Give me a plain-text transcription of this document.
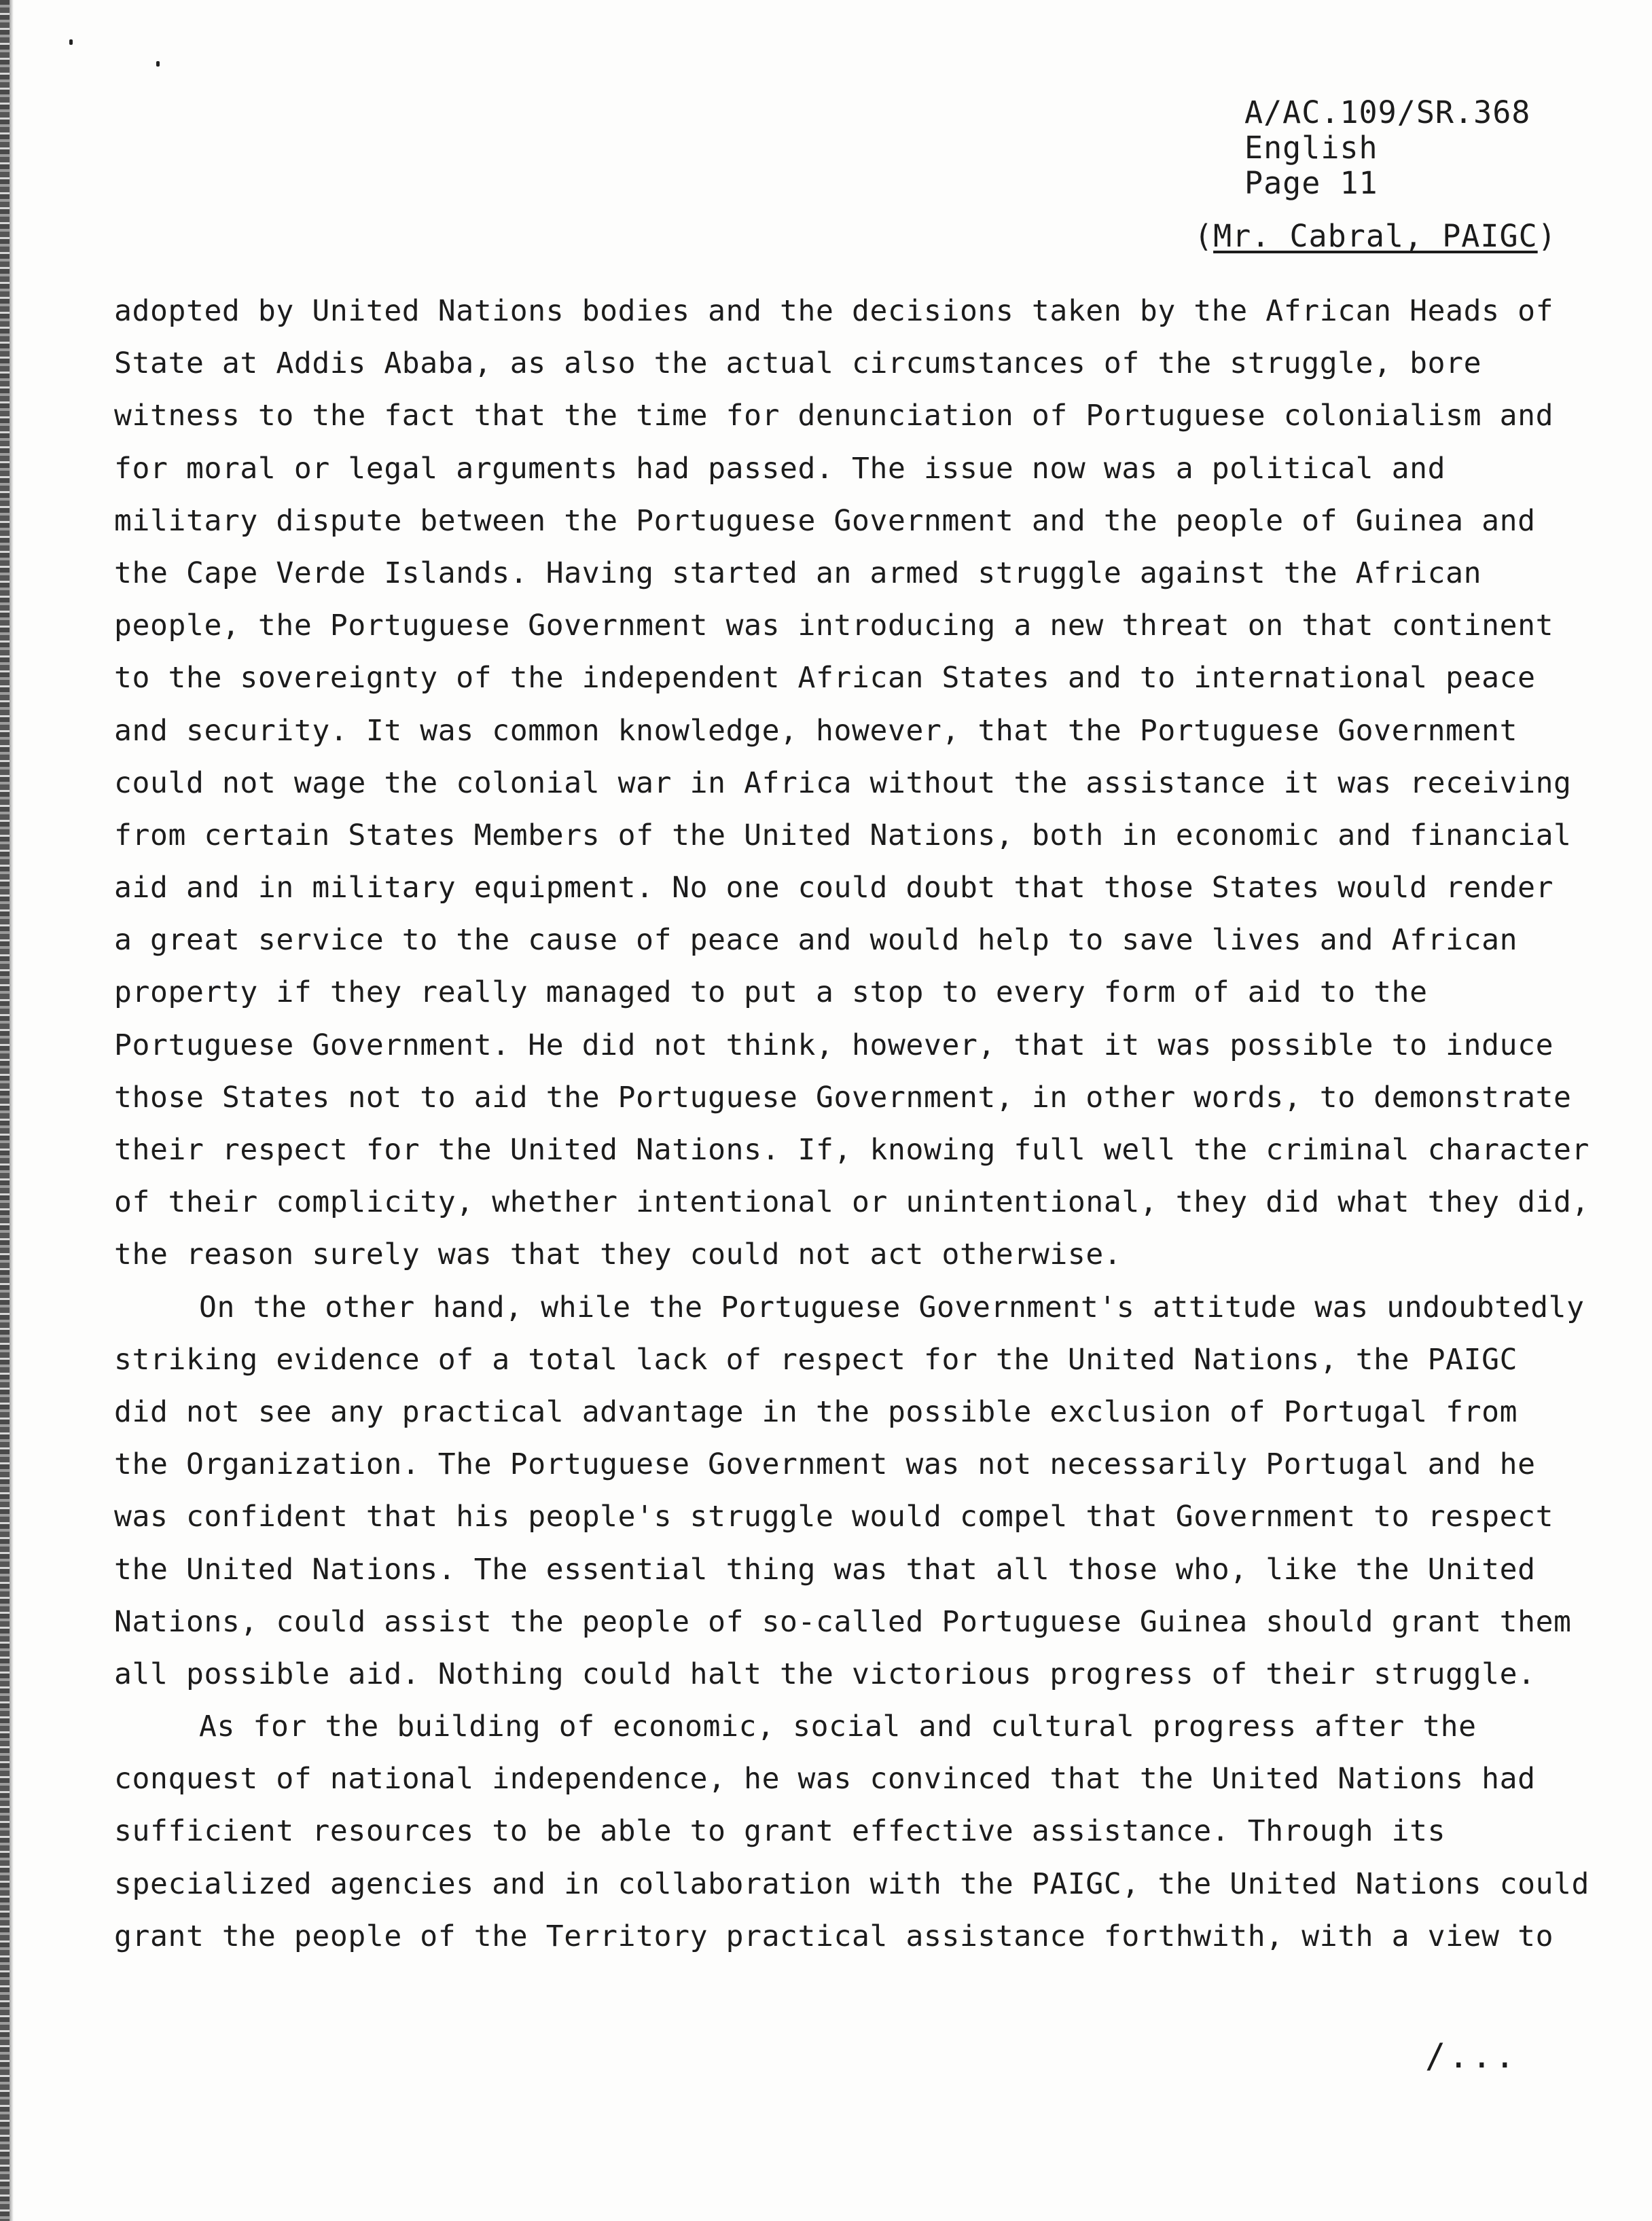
A/AC.109/SR.368
English
Page 11
(Mr. Cabral, PAIGC)
adopted by United Nations bodies and the decisions taken by the African Heads of
State at Addis Ababa, as also the actual circumstances of the struggle, bore
witness to the fact that the time for denunciation of Portuguese colonialism and
for moral or legal arguments had passed. The issue now was a political and
military dispute between the Portuguese Government and the people of Guinea and
the Cape Verde Islands. Having started an armed struggle against the African
people, the Portuguese Government was introducing a new threat on that continent
to the sovereignty of the independent African States and to international peace
and security. It was common knowledge, however, that the Portuguese Government
could not wage the colonial war in Africa without the assistance it was receiving
from certain States Members of the United Nations, both in economic and financial
aid and in military equipment. No one could doubt that those States would render
a great service to the cause of peace and would help to save lives and African
property if they really managed to put a stop to every form of aid to the
Portuguese Government. He did not think, however, that it was possible to induce
those States not to aid the Portuguese Government, in other words, to demonstrate
their respect for the United Nations. If, knowing full well the criminal character
of their complicity, whether intentional or unintentional, they did what they did,
the reason surely was that they could not act otherwise.
On the other hand, while the Portuguese Government's attitude was undoubtedly
striking evidence of a total lack of respect for the United Nations, the PAIGC
did not see any practical advantage in the possible exclusion of Portugal from
the Organization. The Portuguese Government was not necessarily Portugal and he
was confident that his people's struggle would compel that Government to respect
the United Nations. The essential thing was that all those who, like the United
Nations, could assist the people of so-called Portuguese Guinea should grant them
all possible aid. Nothing could halt the victorious progress of their struggle.
As for the building of economic, social and cultural progress after the
conquest of national independence, he was convinced that the United Nations had
sufficient resources to be able to grant effective assistance. Through its
specialized agencies and in collaboration with the PAIGC, the United Nations could
grant the people of the Territory practical assistance forthwith, with a view to
/...
